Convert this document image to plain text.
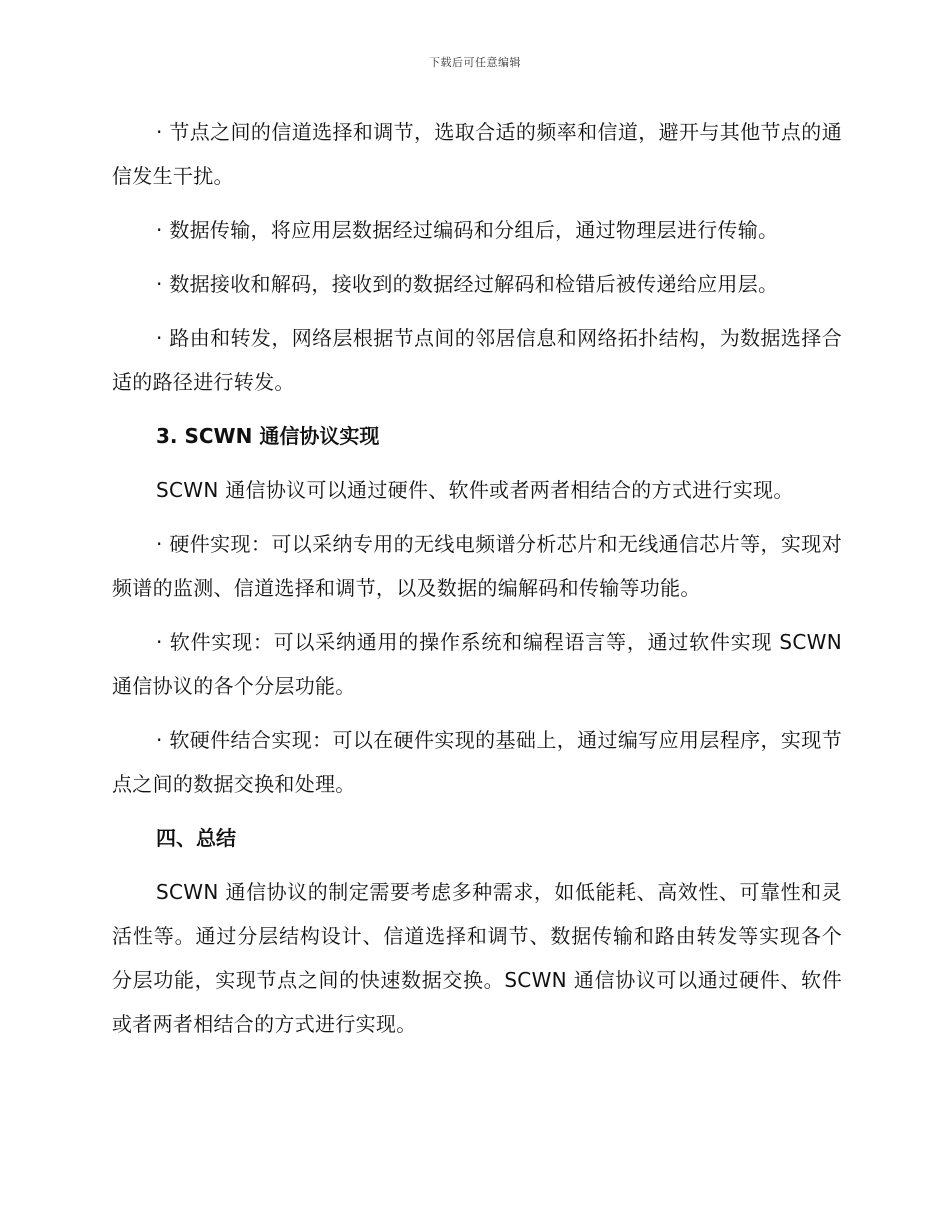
下载后可任意编辑

· 节点之间的信道选择和调节，选取合适的频率和信道，避开与其他节点的通信发生干扰。

· 数据传输，将应用层数据经过编码和分组后，通过物理层进行传输。

· 数据接收和解码，接收到的数据经过解码和检错后被传递给应用层。

· 路由和转发，网络层根据节点间的邻居信息和网络拓扑结构，为数据选择合适的路径进行转发。

3. SCWN 通信协议实现

SCWN 通信协议可以通过硬件、软件或者两者相结合的方式进行实现。

· 硬件实现：可以采纳专用的无线电频谱分析芯片和无线通信芯片等，实现对频谱的监测、信道选择和调节，以及数据的编解码和传输等功能。

· 软件实现：可以采纳通用的操作系统和编程语言等，通过软件实现 SCWN 通信协议的各个分层功能。

· 软硬件结合实现：可以在硬件实现的基础上，通过编写应用层程序，实现节点之间的数据交换和处理。

四、总结

SCWN 通信协议的制定需要考虑多种需求，如低能耗、高效性、可靠性和灵活性等。通过分层结构设计、信道选择和调节、数据传输和路由转发等实现各个分层功能，实现节点之间的快速数据交换。SCWN 通信协议可以通过硬件、软件或者两者相结合的方式进行实现。
